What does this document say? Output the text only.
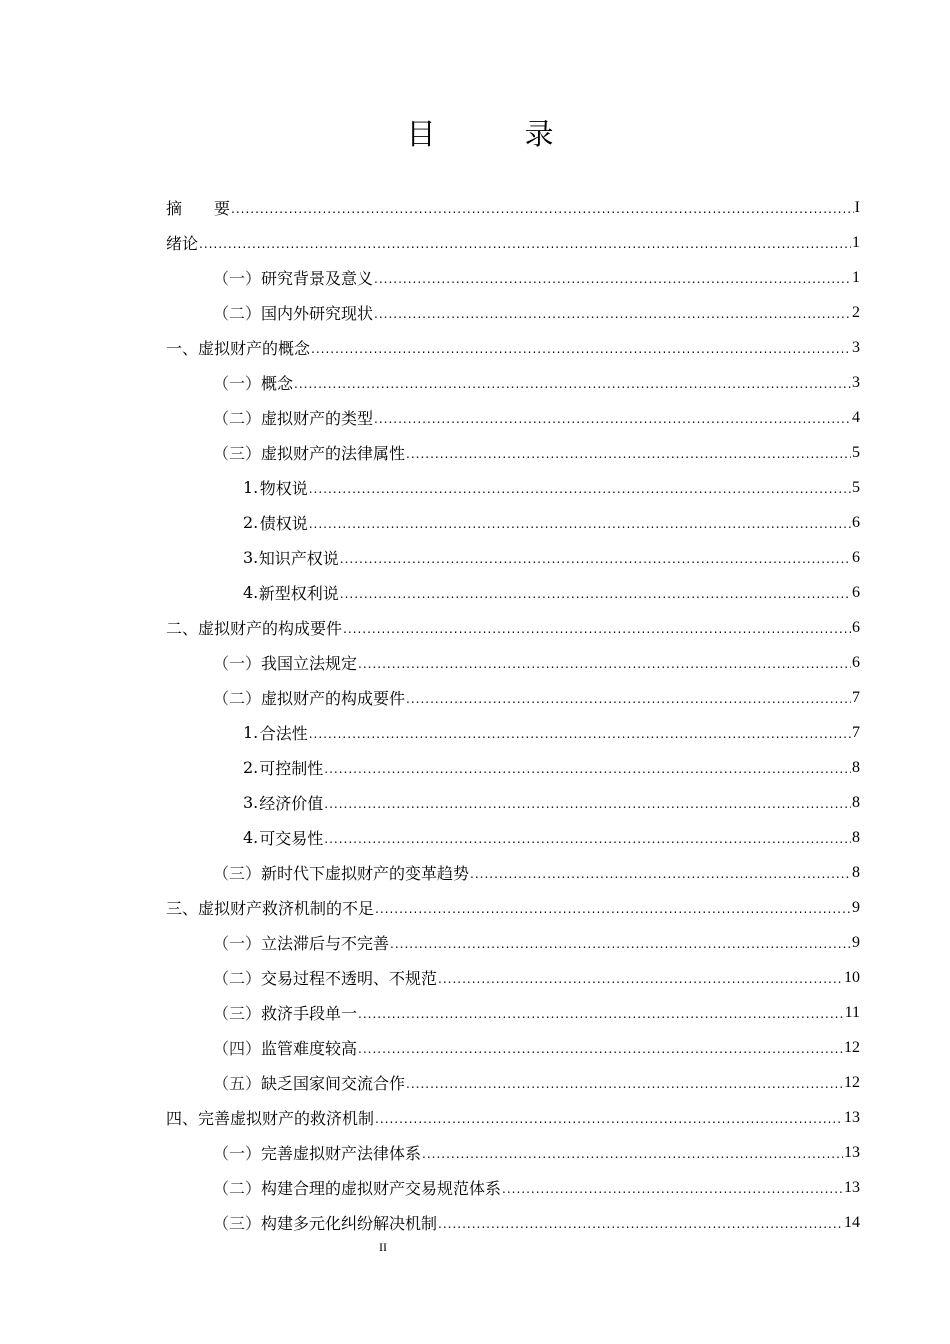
目　录
摘　　要 .....	I
绪论 .....	1
（一） 研究背景及意义 .....	1
（二） 国内外研究现状 .....	2
一、 虚拟财产的概念 .....	3
（一） 概念 .....	3
（二） 虚拟财产的类型 .....	4
（三） 虚拟财产的法律属性 .....	5
1. 物权说 .....	5
2. 债权说 .....	6
3. 知识产权说 .....	6
4. 新型权利说 .....	6
二、 虚拟财产的构成要件 .....	6
（一） 我国立法规定 .....	6
（二） 虚拟财产的构成要件 .....	7
1. 合法性 .....	7
2. 可控制性 .....	8
3. 经济价值 .....	8
4. 可交易性 .....	8
（三） 新时代下虚拟财产的变革趋势 .....	8
三、 虚拟财产救济机制的不足 .....	9
（一） 立法滞后与不完善 .....	9
（二） 交易过程不透明、不规范 .....	10
（三） 救济手段单一 .....	11
（四） 监管难度较高 .....	12
（五） 缺乏国家间交流合作 .....	12
四、 完善虚拟财产的救济机制 .....	13
（一） 完善虚拟财产法律体系 .....	13
（二） 构建合理的虚拟财产交易规范体系 .....	13
（三） 构建多元化纠纷解决机制 .....	14
II
